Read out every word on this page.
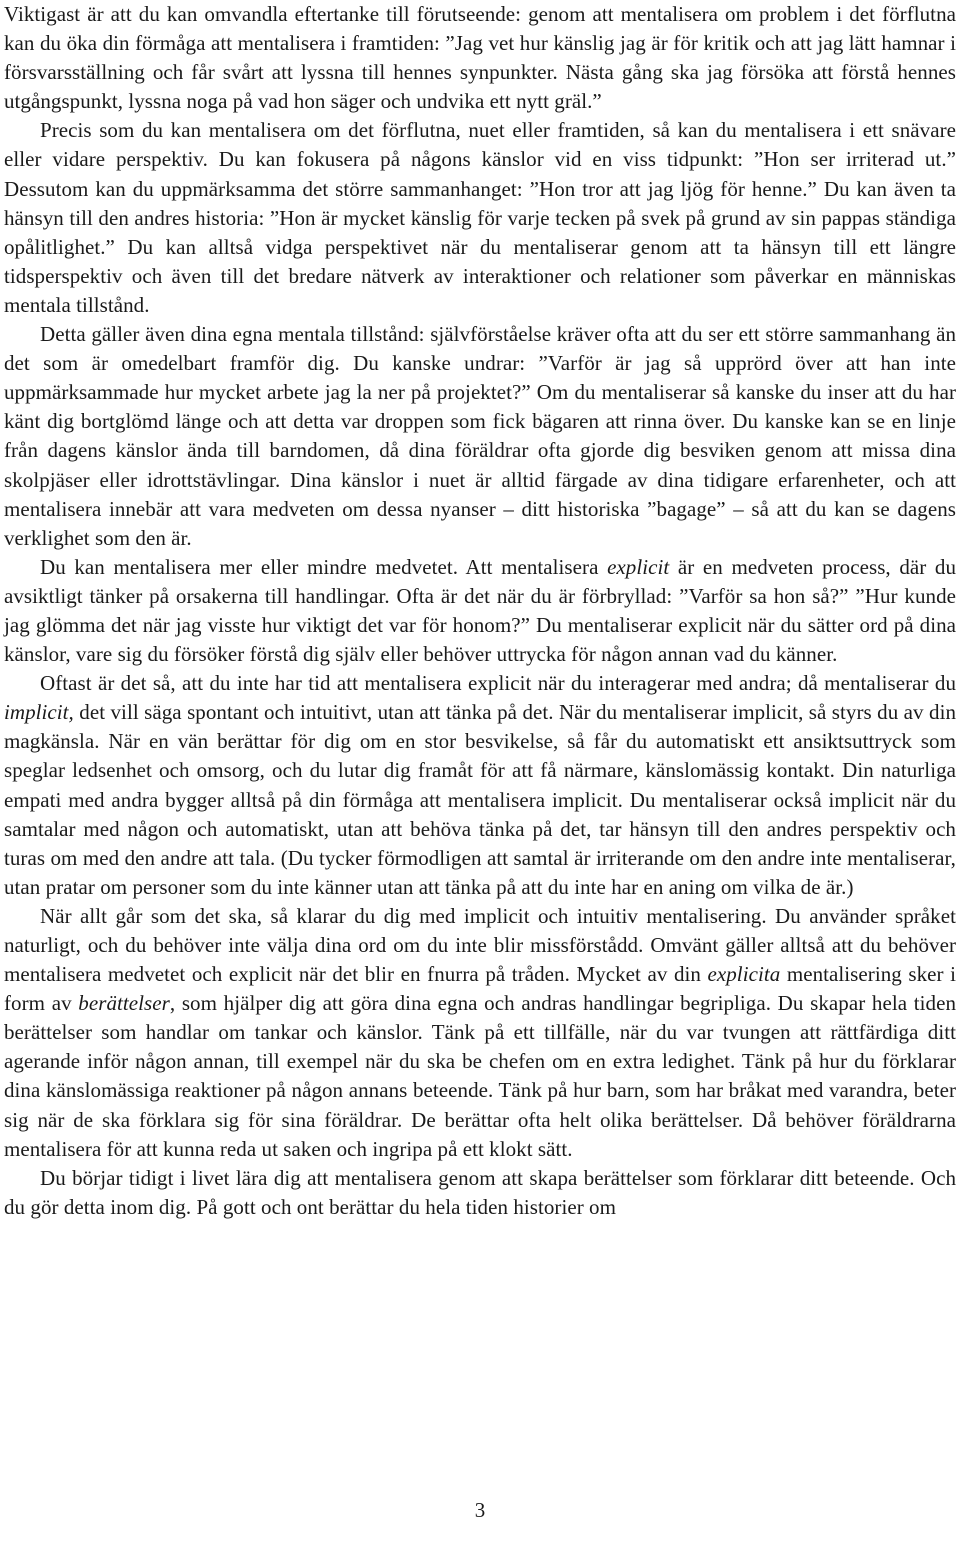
Viktigast är att du kan omvandla eftertanke till förutseende: genom att mentalisera om problem i det förflutna kan du öka din förmåga att mentalisera i framtiden: ”Jag vet hur känslig jag är för kritik och att jag lätt hamnar i försvarsställning och får svårt att lyssna till hennes synpunkter. Nästa gång ska jag försöka att förstå hennes utgångspunkt, lyssna noga på vad hon säger och undvika ett nytt gräl.”

Precis som du kan mentalisera om det förflutna, nuet eller framtiden, så kan du mentalisera i ett snävare eller vidare perspektiv. Du kan fokusera på någons känslor vid en viss tidpunkt: ”Hon ser irriterad ut.” Dessutom kan du uppmärksamma det större sammanhanget: ”Hon tror att jag ljög för henne.” Du kan även ta hänsyn till den andres historia: ”Hon är mycket känslig för varje tecken på svek på grund av sin pappas ständiga opålitlighet.” Du kan alltså vidga perspektivet när du mentaliserar genom att ta hänsyn till ett längre tidsperspektiv och även till det bredare nätverk av interaktioner och relationer som påverkar en människas mentala tillstånd.

Detta gäller även dina egna mentala tillstånd: självförståelse kräver ofta att du ser ett större sammanhang än det som är omedelbart framför dig. Du kanske undrar: ”Varför är jag så upprörd över att han inte uppmärksammade hur mycket arbete jag la ner på projektet?” Om du mentaliserar så kanske du inser att du har känt dig bortglömd länge och att detta var droppen som fick bägaren att rinna över. Du kanske kan se en linje från dagens känslor ända till barndomen, då dina föräldrar ofta gjorde dig besviken genom att missa dina skolpjäser eller idrottstävlingar. Dina känslor i nuet är alltid färgade av dina tidigare erfarenheter, och att mentalisera innebär att vara medveten om dessa nyanser – ditt historiska ”bagage” – så att du kan se dagens verklighet som den är.

Du kan mentalisera mer eller mindre medvetet. Att mentalisera explicit är en medveten process, där du avsiktligt tänker på orsakerna till handlingar. Ofta är det när du är förbryllad: ”Varför sa hon så?” ”Hur kunde jag glömma det när jag visste hur viktigt det var för honom?” Du mentaliserar explicit när du sätter ord på dina känslor, vare sig du försöker förstå dig själv eller behöver uttrycka för någon annan vad du känner.

Oftast är det så, att du inte har tid att mentalisera explicit när du interagerar med andra; då mentaliserar du implicit, det vill säga spontant och intuitivt, utan att tänka på det. När du mentaliserar implicit, så styrs du av din magkänsla. När en vän berättar för dig om en stor besvikelse, så får du automatiskt ett ansiktsuttryck som speglar ledsenhet och omsorg, och du lutar dig framåt för att få närmare, känslomässig kontakt. Din naturliga empati med andra bygger alltså på din förmåga att mentalisera implicit. Du mentaliserar också implicit när du samtalar med någon och automatiskt, utan att behöva tänka på det, tar hänsyn till den andres perspektiv och turas om med den andre att tala. (Du tycker förmodligen att samtal är irriterande om den andre inte mentaliserar, utan pratar om personer som du inte känner utan att tänka på att du inte har en aning om vilka de är.)

När allt går som det ska, så klarar du dig med implicit och intuitiv mentalisering. Du använder språket naturligt, och du behöver inte välja dina ord om du inte blir missförstådd. Omvänt gäller alltså att du behöver mentalisera medvetet och explicit när det blir en fnurra på tråden. Mycket av din explicita mentalisering sker i form av berättelser, som hjälper dig att göra dina egna och andras handlingar begripliga. Du skapar hela tiden berättelser som handlar om tankar och känslor. Tänk på ett tillfälle, när du var tvungen att rättfärdiga ditt agerande inför någon annan, till exempel när du ska be chefen om en extra ledighet. Tänk på hur du förklarar dina känslomässiga reaktioner på någon annans beteende. Tänk på hur barn, som har bråkat med varandra, beter sig när de ska förklara sig för sina föräldrar. De berättar ofta helt olika berättelser. Då behöver föräldrarna mentalisera för att kunna reda ut saken och ingripa på ett klokt sätt.

Du börjar tidigt i livet lära dig att mentalisera genom att skapa berättelser som förklarar ditt beteende. Och du gör detta inom dig. På gott och ont berättar du hela tiden historier om

3
